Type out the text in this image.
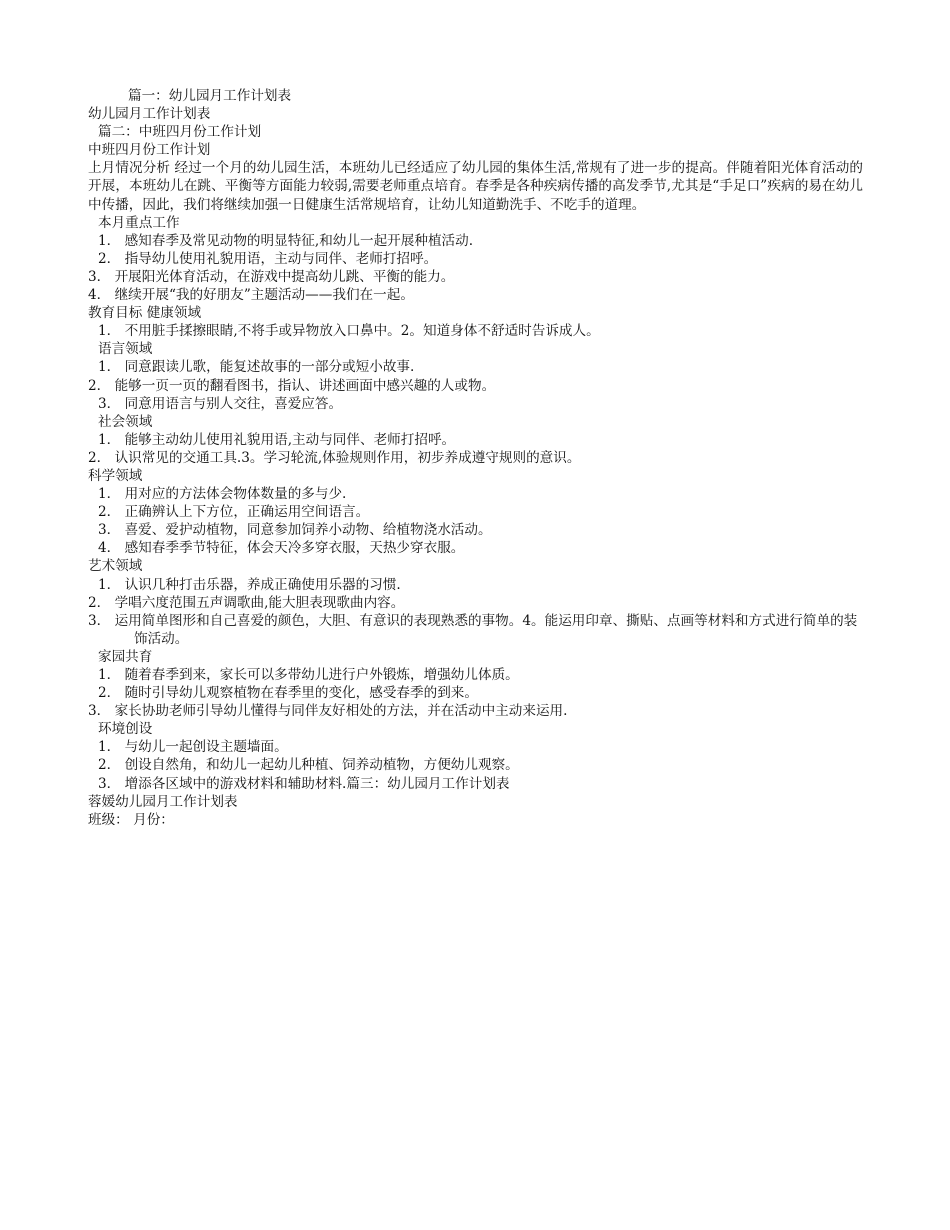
篇一：幼儿园月工作计划表
幼儿园月工作计划表
篇二：中班四月份工作计划
中班四月份工作计划
上月情况分析 经过一个月的幼儿园生活，本班幼儿已经适应了幼儿园的集体生活,常规有了进一步的提高。伴随着阳光体育活动的开展，本班幼儿在跳、平衡等方面能力较弱,需要老师重点培育。春季是各种疾病传播的高发季节,尤其是“手足口”疾病的易在幼儿中传播，因此，我们将继续加强一日健康生活常规培育，让幼儿知道勤洗手、不吃手的道理。
本月重点工作
1． 感知春季及常见动物的明显特征,和幼儿一起开展种植活动.
2． 指导幼儿使用礼貌用语，主动与同伴、老师打招呼。
3． 开展阳光体育活动，在游戏中提高幼儿跳、平衡的能力。
4． 继续开展“我的好朋友”主题活动——我们在一起。
教育目标 健康领域
1． 不用脏手揉擦眼睛,不将手或异物放入口鼻中。2。知道身体不舒适时告诉成人。
语言领域
1． 同意跟读儿歌，能复述故事的一部分或短小故事.
2． 能够一页一页的翻看图书，指认、讲述画面中感兴趣的人或物。
3． 同意用语言与别人交往，喜爱应答。
社会领域
1． 能够主动幼儿使用礼貌用语,主动与同伴、老师打招呼。
2． 认识常见的交通工具.3。学习轮流,体验规则作用，初步养成遵守规则的意识。
科学领域
1． 用对应的方法体会物体数量的多与少.
2． 正确辨认上下方位，正确运用空间语言。
3． 喜爱、爱护动植物，同意参加饲养小动物、给植物浇水活动。
4． 感知春季季节特征，体会天冷多穿衣服，天热少穿衣服。
艺术领域
1． 认识几种打击乐器，养成正确使用乐器的习惯.
2． 学唱六度范围五声调歌曲,能大胆表现歌曲内容。
3． 运用简单图形和自己喜爱的颜色，大胆、有意识的表现熟悉的事物。4。能运用印章、撕贴、点画等材料和方式进行简单的装饰活动。
家园共育
1． 随着春季到来，家长可以多带幼儿进行户外锻炼，增强幼儿体质。
2． 随时引导幼儿观察植物在春季里的变化，感受春季的到来。
3． 家长协助老师引导幼儿懂得与同伴友好相处的方法，并在活动中主动来运用.
环境创设
1． 与幼儿一起创设主题墙面。
2． 创设自然角，和幼儿一起幼儿种植、饲养动植物，方便幼儿观察。
3． 增添各区域中的游戏材料和辅助材料.篇三：幼儿园月工作计划表
蓉媛幼儿园月工作计划表
班级： 月份：
